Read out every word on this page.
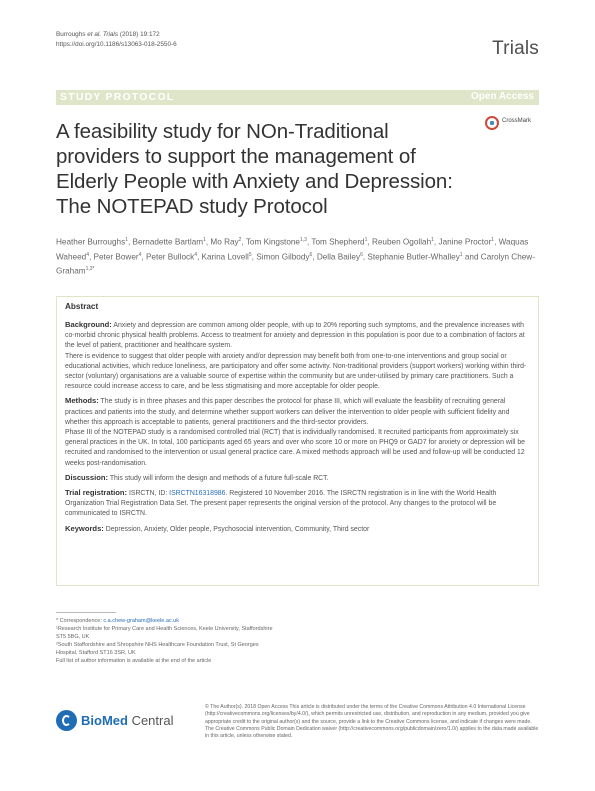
Burroughs et al. Trials (2018) 19:172
https://doi.org/10.1186/s13063-018-2550-6	Trials
STUDY PROTOCOL	Open Access
A feasibility study for NOn-Traditional providers to support the management of Elderly People with Anxiety and Depression: The NOTEPAD study Protocol
CrossMark
Heather Burroughs$^1$, Bernadette Bartlam$^1$, Mo Ray$^2$, Tom Kingstone$^{1,3}$, Tom Shepherd$^1$, Reuben Ogollah$^1$, Janine Proctor$^1$, Waquas Waheed$^4$, Peter Bower$^4$, Peter Bullock$^4$, Karina Lovell$^5$, Simon Gilbody$^6$, Della Bailey$^6$, Stephanie Butler-Whalley$^1$ and Carolyn Chew-Graham$^{1,3*}$
Abstract

Background: Anxiety and depression are common among older people, with up to 20% reporting such symptoms, and the prevalence increases with co-morbid chronic physical health problems. Access to treatment for anxiety and depression in this population is poor due to a combination of factors at the level of patient, practitioner and healthcare system.

There is evidence to suggest that older people with anxiety and/or depression may benefit both from one-to-one interventions and group social or educational activities, which reduce loneliness, are participatory and offer some activity. Non-traditional providers (support workers) working within third-sector (voluntary) organisations are a valuable source of expertise within the community but are under-utilised by primary care practitioners. Such a resource could increase access to care, and be less stigmatising and more acceptable for older people.

Methods: The study is in three phases and this paper describes the protocol for phase III, which will evaluate the feasibility of recruiting general practices and patients into the study, and determine whether support workers can deliver the intervention to older people with sufficient fidelity and whether this approach is acceptable to patients, general practitioners and the third-sector providers.

Phase III of the NOTEPAD study is a randomised controlled trial (RCT) that is individually randomised. It recruited participants from approximately six general practices in the UK. In total, 100 participants aged 65 years and over who score 10 or more on PHQ9 or GAD7 for anxiety or depression will be recruited and randomised to the intervention or usual general practice care. A mixed methods approach will be used and follow-up will be conducted 12 weeks post-randomisation.

Discussion: This study will inform the design and methods of a future full-scale RCT.

Trial registration: ISRCTN, ID: ISRCTN16318986. Registered 10 November 2016. The ISRCTN registration is in line with the World Health Organization Trial Registration Data Set. The present paper represents the original version of the protocol. Any changes to the protocol will be communicated to ISRCTN.

Keywords: Depression, Anxiety, Older people, Psychosocial intervention, Community, Third sector

* Correspondence: c.a.chew-graham@keele.ac.uk
¹Research Institute for Primary Care and Health Sciences, Keele University, Staffordshire ST5 5BG, UK
²South Staffordshire and Shropshire NHS Healthcare Foundation Trust, St Georges Hospital, Stafford ST16 3SR, UK
Full list of author information is available at the end of the article
BioMed Central
© The Author(s). 2018 Open Access This article is distributed under the terms of the Creative Commons Attribution 4.0 International License (http://creativecommons.org/licenses/by/4.0/), which permits unrestricted use, distribution, and reproduction in any medium, provided you give appropriate credit to the original author(s) and the source, provide a link to the Creative Commons license, and indicate if changes were made. The Creative Commons Public Domain Dedication waiver (http://creativecommons.org/publicdomain/zero/1.0/) applies to the data made available in this article, unless otherwise stated.
